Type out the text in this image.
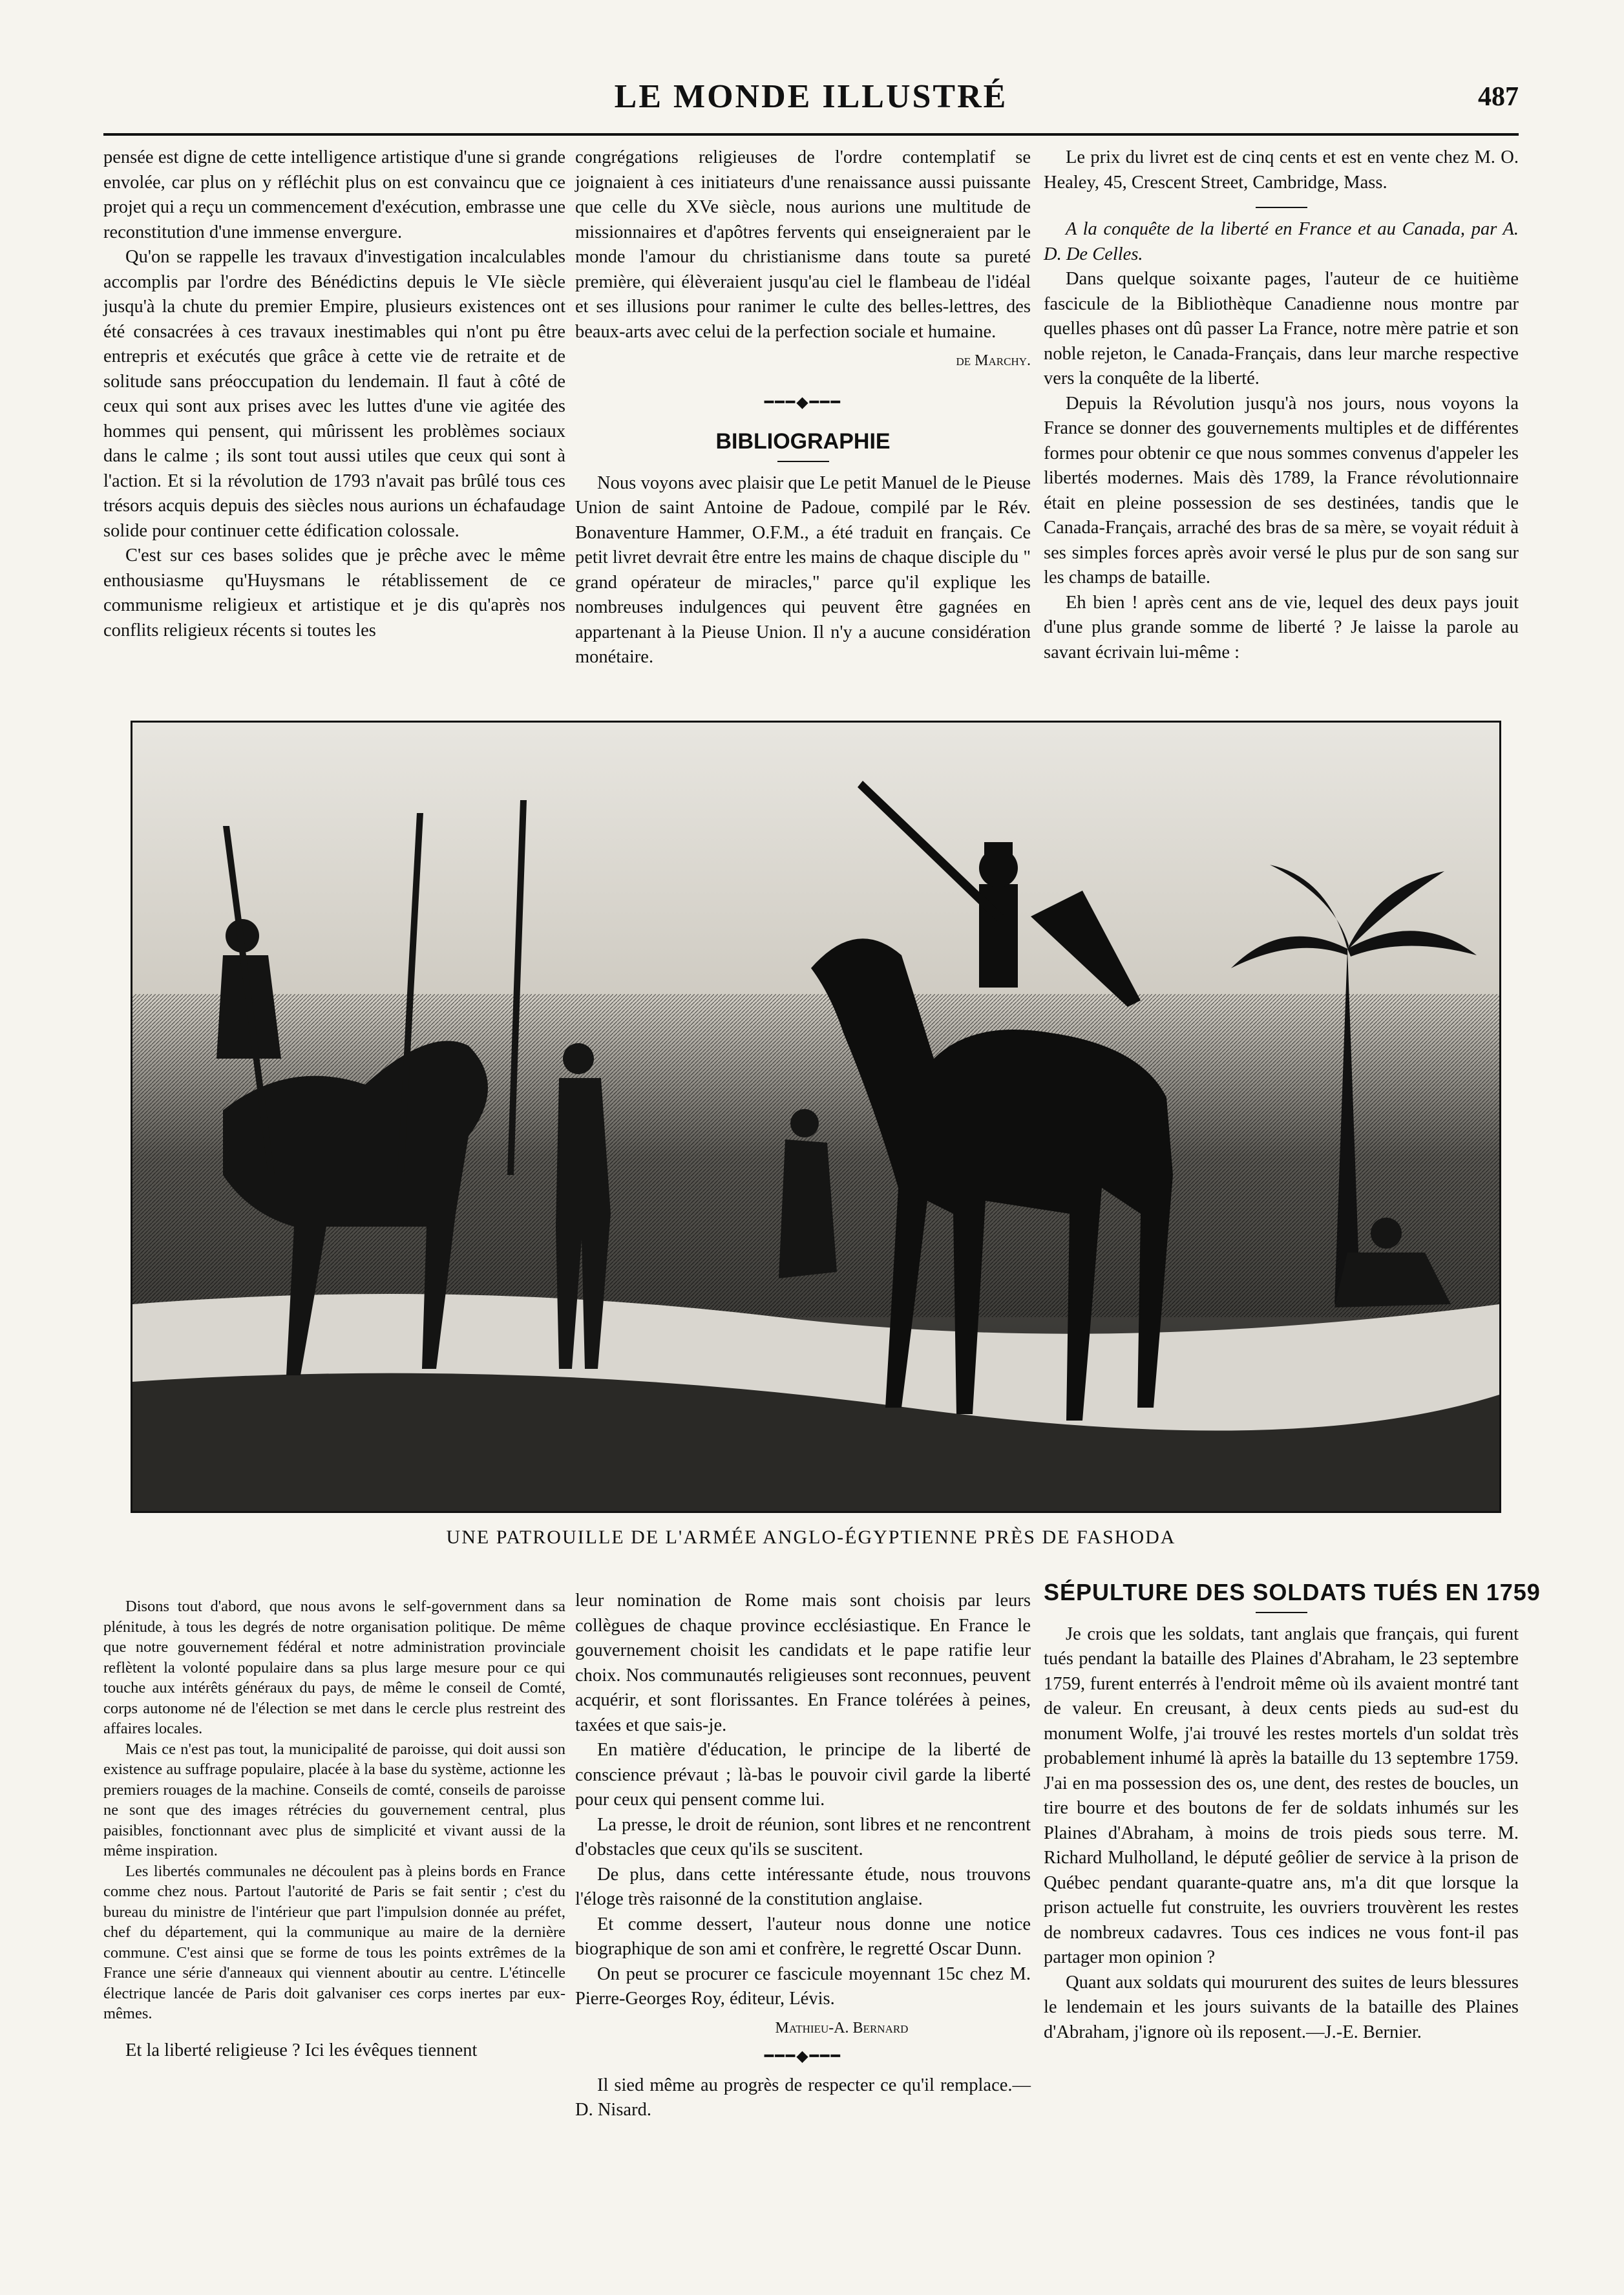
LE MONDE ILLUSTRÉ	487

pensée est digne de cette intelligence artistique d'une si grande envolée, car plus on y réfléchit plus on est convaincu que ce projet qui a reçu un commencement d'exécution, embrasse une reconstitution d'une immense envergure.

Qu'on se rappelle les travaux d'investigation incalculables accomplis par l'ordre des Bénédictins depuis le VIe siècle jusqu'à la chute du premier Empire, plusieurs existences ont été consacrées à ces travaux inestimables qui n'ont pu être entrepris et exécutés que grâce à cette vie de retraite et de solitude sans préoccupation du lendemain. Il faut à côté de ceux qui sont aux prises avec les luttes d'une vie agitée des hommes qui pensent, qui mûrissent les problèmes sociaux dans le calme ; ils sont tout aussi utiles que ceux qui sont à l'action. Et si la révolution de 1793 n'avait pas brûlé tous ces trésors acquis depuis des siècles nous aurions un échafaudage solide pour continuer cette édification colossale.

C'est sur ces bases solides que je prêche avec le même enthousiasme qu'Huysmans le rétablissement de ce communisme religieux et artistique et je dis qu'après nos conflits religieux récents si toutes les

congrégations religieuses de l'ordre contemplatif se joignaient à ces initiateurs d'une renaissance aussi puissante que celle du XVe siècle, nous aurions une multitude de missionnaires et d'apôtres fervents qui enseigneraient par le monde l'amour du christianisme dans toute sa pureté première, qui élèveraient jusqu'au ciel le flambeau de l'idéal et ses illusions pour ranimer le culte des belles-lettres, des beaux-arts avec celui de la perfection sociale et humaine.

de Marchy.
━━━◆━━━
BIBLIOGRAPHIE

Nous voyons avec plaisir que Le petit Manuel de le Pieuse Union de saint Antoine de Padoue, compilé par le Rév. Bonaventure Hammer, O.F.M., a été traduit en français. Ce petit livret devrait être entre les mains de chaque disciple du " grand opérateur de miracles," parce qu'il explique les nombreuses indulgences qui peuvent être gagnées en appartenant à la Pieuse Union. Il n'y a aucune considération monétaire.

Le prix du livret est de cinq cents et est en vente chez M. O. Healey, 45, Crescent Street, Cambridge, Mass.

A la conquête de la liberté en France et au Canada, par A. D. De Celles.

Dans quelque soixante pages, l'auteur de ce huitième fascicule de la Bibliothèque Canadienne nous montre par quelles phases ont dû passer La France, notre mère patrie et son noble rejeton, le Canada-Français, dans leur marche respective vers la conquête de la liberté.

Depuis la Révolution jusqu'à nos jours, nous voyons la France se donner des gouvernements multiples et de différentes formes pour obtenir ce que nous sommes convenus d'appeler les libertés modernes. Mais dès 1789, la France révolutionnaire était en pleine possession de ses destinées, tandis que le Canada-Français, arraché des bras de sa mère, se voyait réduit à ses simples forces après avoir versé le plus pur de son sang sur les champs de bataille.

Eh bien ! après cent ans de vie, lequel des deux pays jouit d'une plus grande somme de liberté ? Je laisse la parole au savant écrivain lui-même :

UNE PATROUILLE DE L'ARMÉE ANGLO-ÉGYPTIENNE PRÈS DE FASHODA

Disons tout d'abord, que nous avons le self-government dans sa plénitude, à tous les degrés de notre organisation politique. De même que notre gouvernement fédéral et notre administration provinciale reflètent la volonté populaire dans sa plus large mesure pour ce qui touche aux intérêts généraux du pays, de même le conseil de Comté, corps autonome né de l'élection se met dans le cercle plus restreint des affaires locales.

Mais ce n'est pas tout, la municipalité de paroisse, qui doit aussi son existence au suffrage populaire, placée à la base du système, actionne les premiers rouages de la machine. Conseils de comté, conseils de paroisse ne sont que des images rétrécies du gouvernement central, plus paisibles, fonctionnant avec plus de simplicité et vivant aussi de la même inspiration.

Les libertés communales ne découlent pas à pleins bords en France comme chez nous. Partout l'autorité de Paris se fait sentir ; c'est du bureau du ministre de l'intérieur que part l'impulsion donnée au préfet, chef du département, qui la communique au maire de la dernière commune. C'est ainsi que se forme de tous les points extrêmes de la France une série d'anneaux qui viennent aboutir au centre. L'étincelle électrique lancée de Paris doit galvaniser ces corps inertes par eux-mêmes.

Et la liberté religieuse ? Ici les évêques tiennent

leur nomination de Rome mais sont choisis par leurs collègues de chaque province ecclésiastique. En France le gouvernement choisit les candidats et le pape ratifie leur choix. Nos communautés religieuses sont reconnues, peuvent acquérir, et sont florissantes. En France tolérées à peines, taxées et que sais-je.

En matière d'éducation, le principe de la liberté de conscience prévaut ; là-bas le pouvoir civil garde la liberté pour ceux qui pensent comme lui.

La presse, le droit de réunion, sont libres et ne rencontrent d'obstacles que ceux qu'ils se suscitent.

De plus, dans cette intéressante étude, nous trouvons l'éloge très raisonné de la constitution anglaise.

Et comme dessert, l'auteur nous donne une notice biographique de son ami et confrère, le regretté Oscar Dunn.

On peut se procurer ce fascicule moyennant 15c chez M. Pierre-Georges Roy, éditeur, Lévis.

Mathieu-A. Bernard
━━━◆━━━

Il sied même au progrès de respecter ce qu'il remplace.—D. Nisard.

SÉPULTURE DES SOLDATS TUÉS EN 1759

Je crois que les soldats, tant anglais que français, qui furent tués pendant la bataille des Plaines d'Abraham, le 23 septembre 1759, furent enterrés à l'endroit même où ils avaient montré tant de valeur. En creusant, à deux cents pieds au sud-est du monument Wolfe, j'ai trouvé les restes mortels d'un soldat très probablement inhumé là après la bataille du 13 septembre 1759. J'ai en ma possession des os, une dent, des restes de boucles, un tire bourre et des boutons de fer de soldats inhumés sur les Plaines d'Abraham, à moins de trois pieds sous terre. M. Richard Mulholland, le député geôlier de service à la prison de Québec pendant quarante-quatre ans, m'a dit que lorsque la prison actuelle fut construite, les ouvriers trouvèrent les restes de nombreux cadavres. Tous ces indices ne vous font-il pas partager mon opinion ?

Quant aux soldats qui moururent des suites de leurs blessures le lendemain et les jours suivants de la bataille des Plaines d'Abraham, j'ignore où ils reposent.—J.-E. Bernier.
